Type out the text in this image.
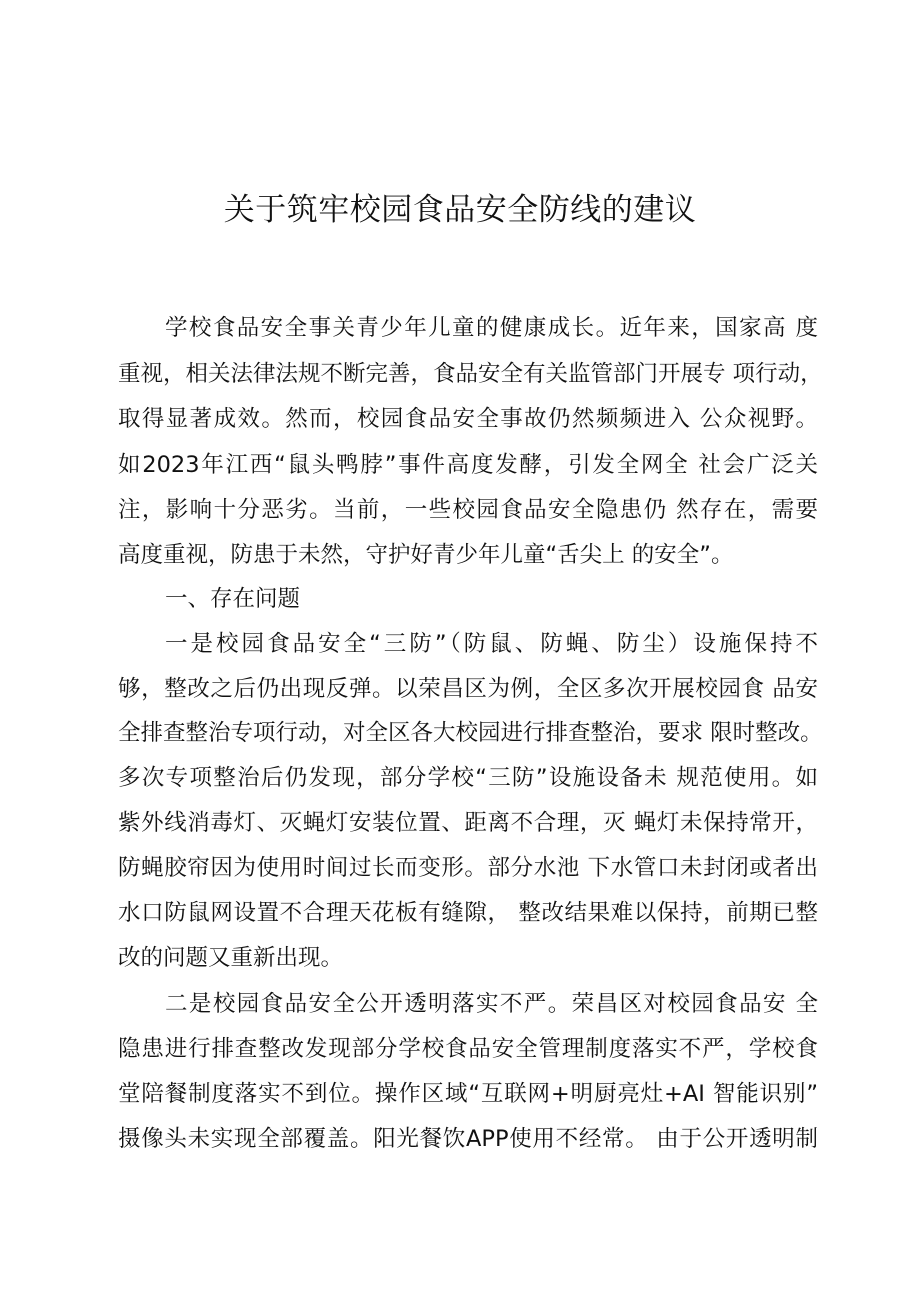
关于筑牢校园食品安全防线的建议

学校食品安全事关青少年儿童的健康成长。近年来，国家高 度

重视，相关法律法规不断完善，食品安全有关监管部门开展专 项行动，

取得显著成效。然而，校园食品安全事故仍然频频进入 公众视野。

如2023年江西“鼠头鸭脖”事件高度发酵，引发全网全 社会广泛关

注，影响十分恶劣。当前，一些校园食品安全隐患仍 然存在，需要

高度重视，防患于未然，守护好青少年儿童“舌尖上 的安全”。

一、存在问题

一是校园食品安全“三防”（防鼠、防蝇、防尘）设施保持不

够，整改之后仍出现反弹。以荣昌区为例，全区多次开展校园食 品安

全排查整治专项行动，对全区各大校园进行排查整治，要求 限时整改。

多次专项整治后仍发现，部分学校“三防”设施设备未 规范使用。如

紫外线消毒灯、灭蝇灯安装位置、距离不合理，灭 蝇灯未保持常开，

防蝇胶帘因为使用时间过长而变形。部分水池 下水管口未封闭或者出

水口防鼠网设置不合理天花板有缝隙， 整改结果难以保持，前期已整

改的问题又重新出现。

二是校园食品安全公开透明落实不严。荣昌区对校园食品安 全

隐患进行排查整改发现部分学校食品安全管理制度落实不严，学校食

堂陪餐制度落实不到位。操作区域“互联网+明厨亮灶+AI 智能识别”

摄像头未实现全部覆盖。阳光餐饮APP使用不经常。 由于公开透明制
